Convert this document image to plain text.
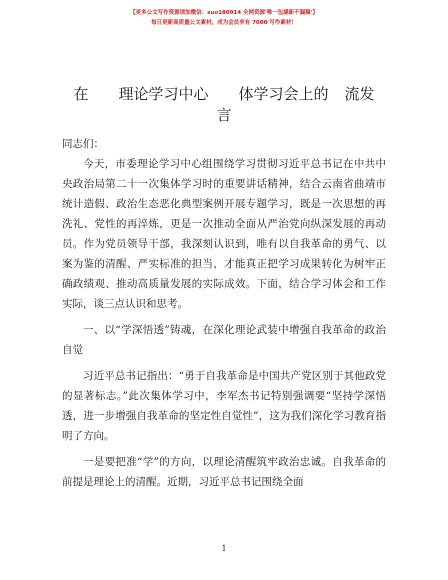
【更多公文写作资源请加微信：suo180914 全网资源'唯一包涵新不漏稿'】
每日更新高质量公文素材，成为会员享有 7000 写作素材！
在 理论学习中心 体学习会上的 流发
言
同志们：

今天，市委理论学习中心组围绕学习贯彻习近平总书记在中共中央政治局第二十一次集体学习时的重要讲话精神，结合云南省曲靖市统计造假、政治生态恶化典型案例开展专题学习，既是一次思想的再洗礼、党性的再淬炼，更是一次推动全面从严治党向纵深发展的再动员。作为党员领导干部，我深刻认识到，唯有以自我革命的勇气、以案为鉴的清醒、严实标准的担当，才能真正把学习成果转化为树牢正确政绩观、推动高质量发展的实际成效。下面，结合学习体会和工作实际，谈三点认识和思考。

一、以“学深悟透”铸魂，在深化理论武装中增强自我革命的政治自觉

习近平总书记指出：“勇于自我革命是中国共产党区别于其他政党的显著标志。”此次集体学习中，李军杰书记特别强调要“坚持学深悟透，进一步增强自我革命的坚定性自觉性”，这为我们深化学习教育指明了方向。

一是要把准“学”的方向，以理论清醒筑牢政治忠诚。自我革命的前提是理论上的清醒。近期，习近平总书记围绕全面

1
